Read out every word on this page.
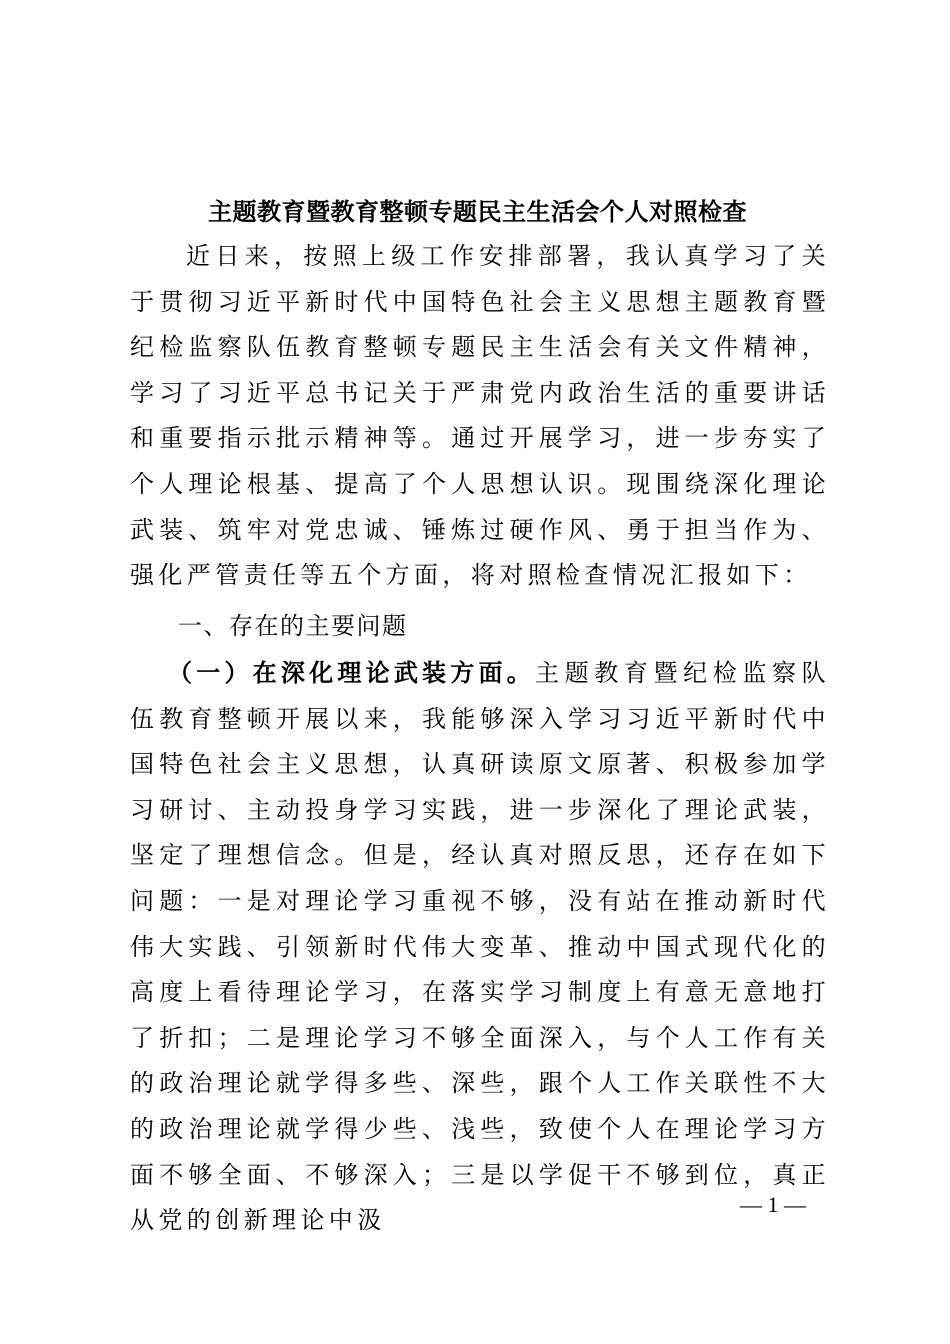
主题教育暨教育整顿专题民主生活会个人对照检查

近日来，按照上级工作安排部署，我认真学习了关于贯彻习近平新时代中国特色社会主义思想主题教育暨纪检监察队伍教育整顿专题民主生活会有关文件精神，学习了习近平总书记关于严肃党内政治生活的重要讲话和重要指示批示精神等。通过开展学习，进一步夯实了个人理论根基、提高了个人思想认识。现围绕深化理论武装、筑牢对党忠诚、锤炼过硬作风、勇于担当作为、强化严管责任等五个方面，将对照检查情况汇报如下：

一、存在的主要问题

（一）在深化理论武装方面。主题教育暨纪检监察队伍教育整顿开展以来，我能够深入学习习近平新时代中国特色社会主义思想，认真研读原文原著、积极参加学习研讨、主动投身学习实践，进一步深化了理论武装，坚定了理想信念。但是，经认真对照反思，还存在如下问题：一是对理论学习重视不够，没有站在推动新时代伟大实践、引领新时代伟大变革、推动中国式现代化的高度上看待理论学习，在落实学习制度上有意无意地打了折扣；二是理论学习不够全面深入，与个人工作有关的政治理论就学得多些、深些，跟个人工作关联性不大的政治理论就学得少些、浅些，致使个人在理论学习方面不够全面、不够深入；三是以学促干不够到位，真正从党的创新理论中汲

— 1 —
